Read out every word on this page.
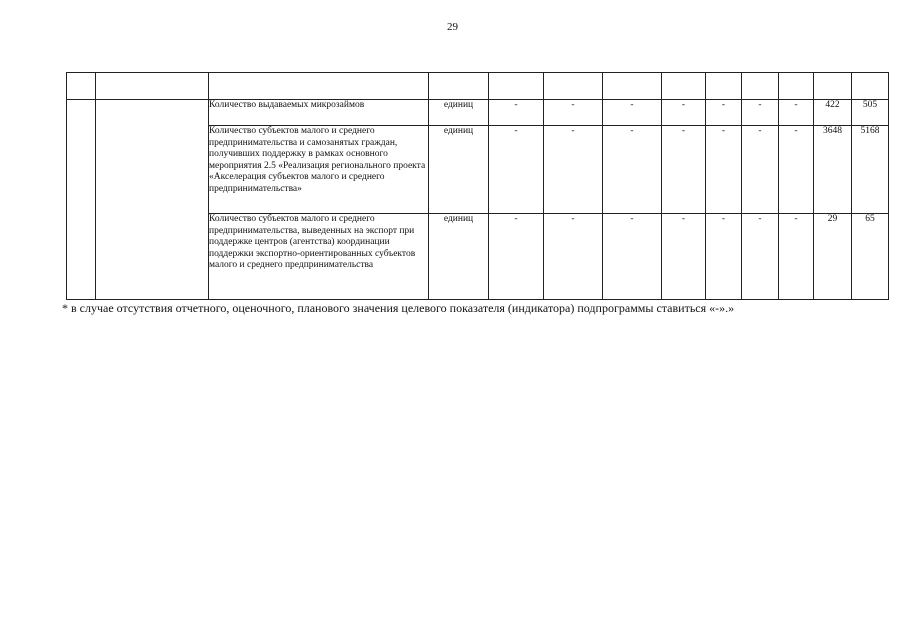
29

		Количество выдаваемых микрозаймов	единиц	-	-	-	-	-	-	-	422	505
		Количество субъектов малого и среднего предпринимательства и самозанятых граждан, получивших поддержку в рамках основного мероприятия 2.5 «Реализация регионального проекта «Акселерация субъектов малого и среднего предпринимательства»	единиц	-	-	-	-	-	-	-	3648	5168
		Количество субъектов малого и среднего предпринимательства, выведенных на экспорт при поддержке центров (агентства) координации поддержки экспортно-ориентированных субъектов малого и среднего предпринимательства	единиц	-	-	-	-	-	-	-	29	65
* в случае отсутствия отчетного, оценочного, планового значения целевого показателя (индикатора) подпрограммы ставиться «-».»
